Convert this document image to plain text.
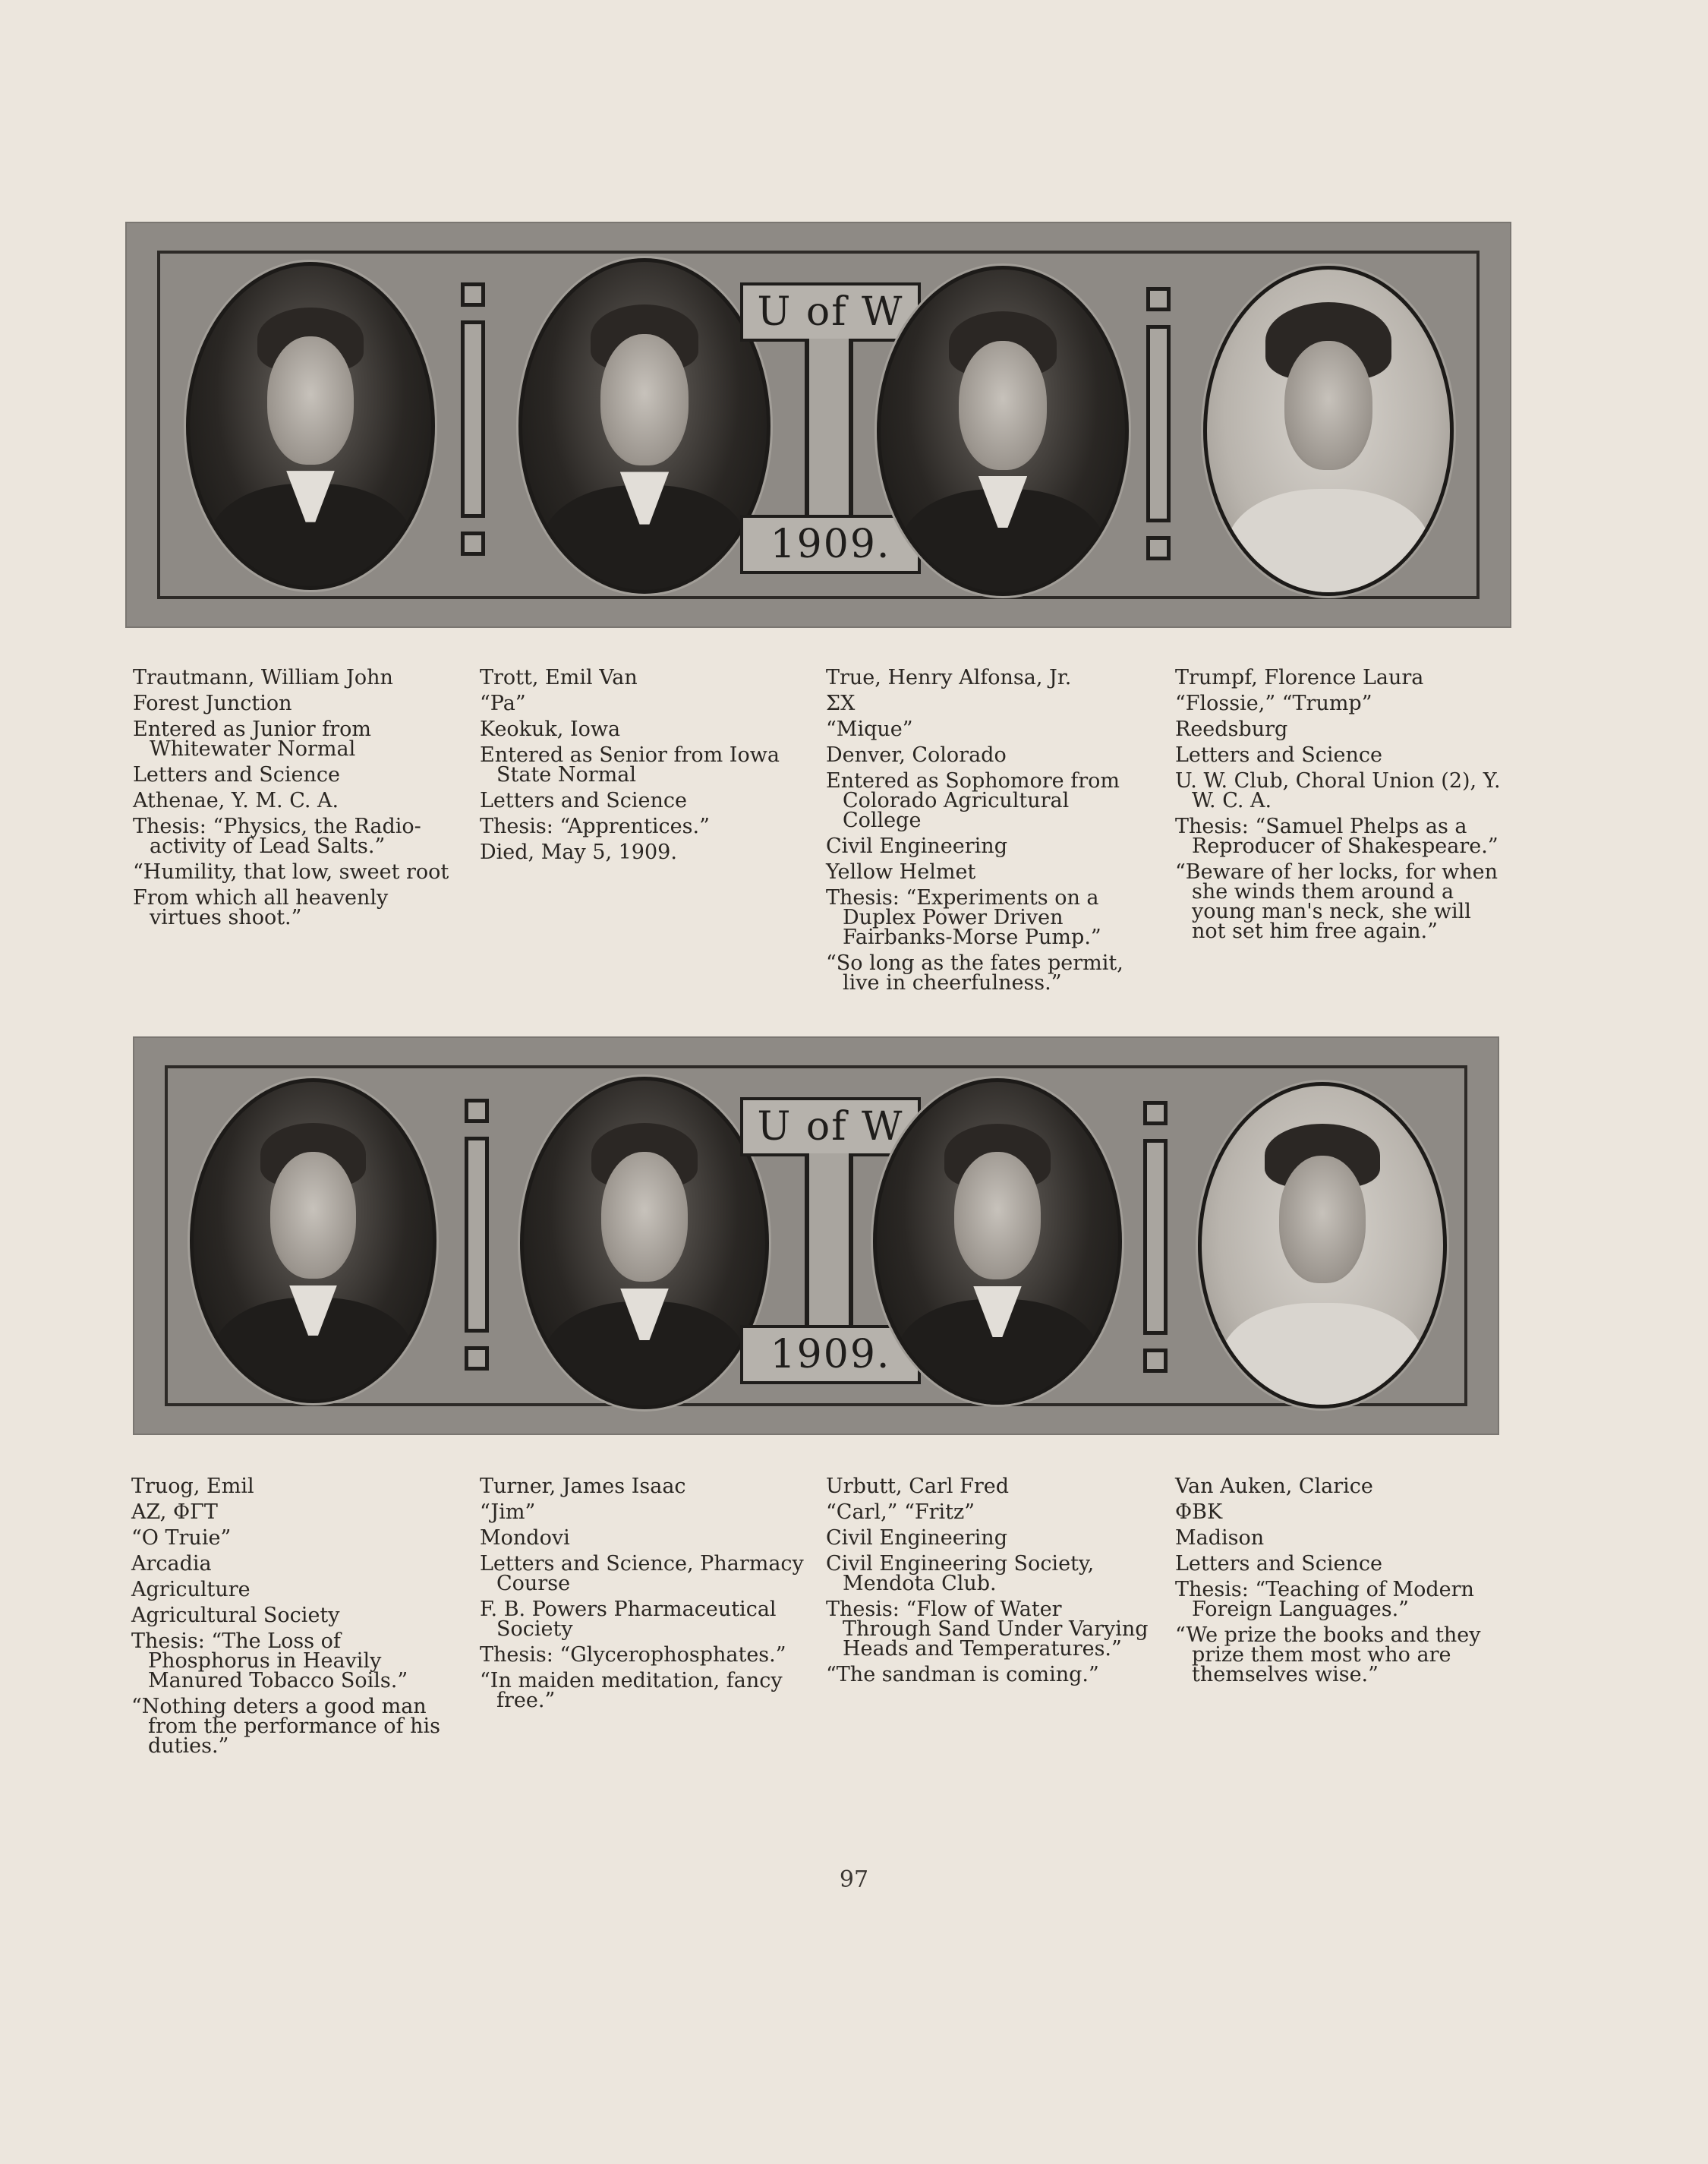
U of W
1909.

Trautmann, William John

Forest Junction

Entered as Junior from Whitewater Normal

Letters and Science

Athenae, Y. M. C. A.

Thesis: “Physics, the Radio-activity of Lead Salts.”

“Humility, that low, sweet root

From which all heavenly virtues shoot.”

Trott, Emil Van

“Pa”

Keokuk, Iowa

Entered as Senior from Iowa State Normal

Letters and Science

Thesis: “Apprentices.”

Died, May 5, 1909.

True, Henry Alfonsa, Jr.

ΣX

“Mique”

Denver, Colorado

Entered as Sophomore from Colorado Agricultural College

Civil Engineering

Yellow Helmet

Thesis: “Experiments on a Duplex Power Driven Fairbanks-Morse Pump.”

“So long as the fates permit, live in cheerfulness.”

Trumpf, Florence Laura

“Flossie,” “Trump”

Reedsburg

Letters and Science

U. W. Club, Choral Union (2), Y. W. C. A.

Thesis: “Samuel Phelps as a Reproducer of Shakespeare.”

“Beware of her locks, for when she winds them around a young man's neck, she will not set him free again.”

U of W
1909.

Truog, Emil

AZ, ΦΓΤ

“O Truie”

Arcadia

Agriculture

Agricultural Society

Thesis: “The Loss of Phosphorus in Heavily Manured Tobacco Soils.”

“Nothing deters a good man from the performance of his duties.”

Turner, James Isaac

“Jim”

Mondovi

Letters and Science, Pharmacy Course

F. B. Powers Pharmaceutical Society

Thesis: “Glycerophosphates.”

“In maiden meditation, fancy free.”

Urbutt, Carl Fred

“Carl,” “Fritz”

Civil Engineering

Civil Engineering Society, Mendota Club.

Thesis: “Flow of Water Through Sand Under Varying Heads and Temperatures.”

“The sandman is coming.”

Van Auken, Clarice

ΦBK

Madison

Letters and Science

Thesis: “Teaching of Modern Foreign Languages.”

“We prize the books and they prize them most who are themselves wise.”

97
